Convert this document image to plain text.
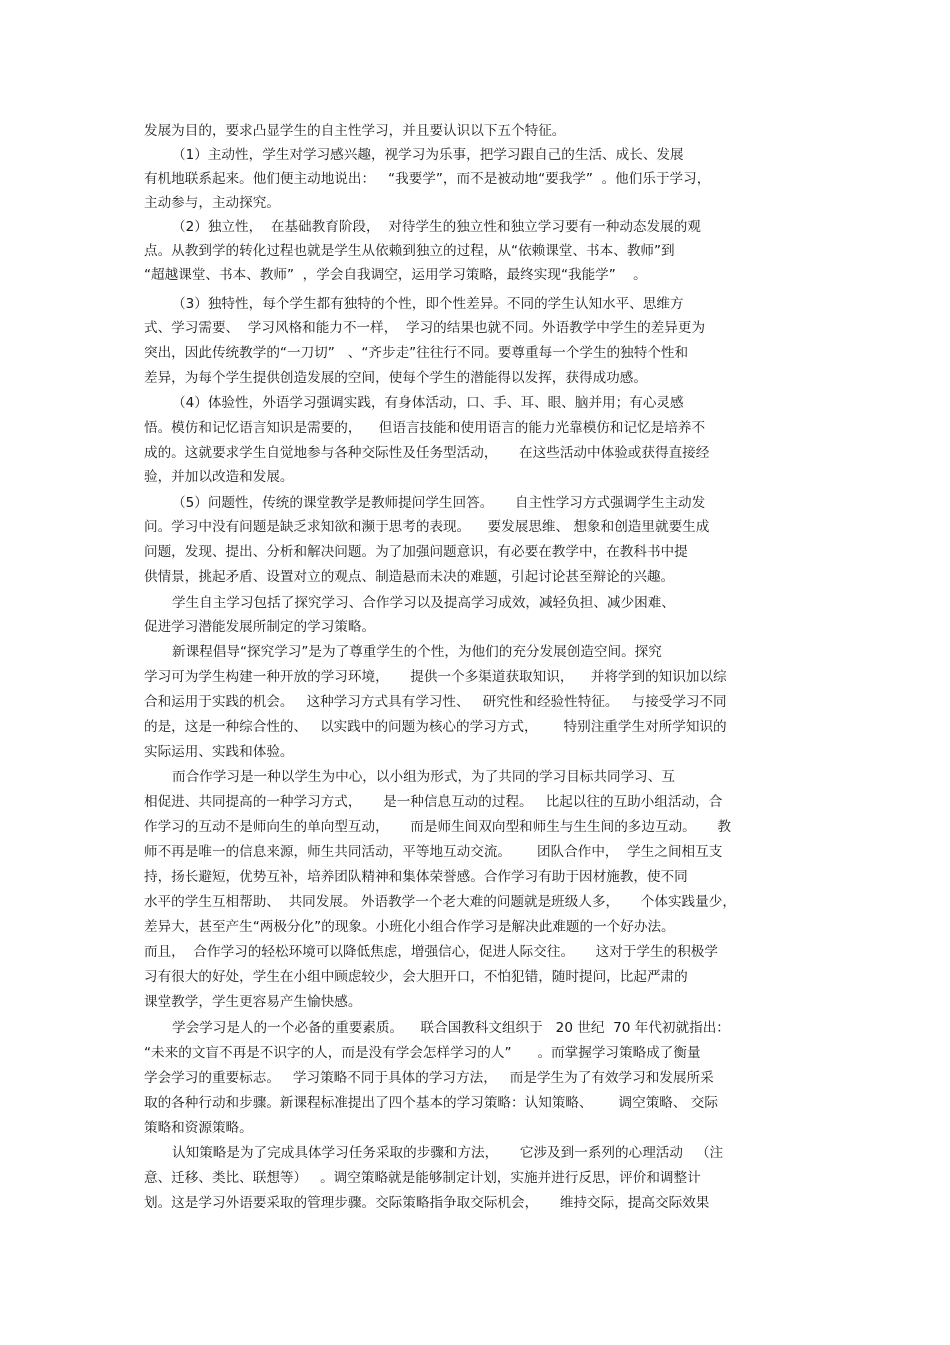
发展为目的，要求凸显学生的自主性学习，并且要认识以下五个特征。
（1）主动性，学生对学习感兴趣，视学习为乐事，把学习跟自己的生活、成长、发展
有机地联系起来。他们便主动地说出：   “我要学”，而不是被动地“要我学”  。他们乐于学习，
主动参与，主动探究。
（2）独立性，  在基础教育阶段，  对待学生的独立性和独立学习要有一种动态发展的观
点。从教到学的转化过程也就是学生从依赖到独立的过程，从“依赖课堂、书本、教师”到
“超越课堂、书本、教师”  ，学会自我调空，运用学习策略，最终实现“我能学”    。
（3）独特性，每个学生都有独特的个性，即个性差异。不同的学生认知水平、思维方
式、学习需要、  学习风格和能力不一样，  学习的结果也就不同。外语教学中学生的差异更为
突出，因此传统教学的“一刀切”   、“齐步走”往往行不同。要尊重每一个学生的独特个性和
差异，为每个学生提供创造发展的空间，使每个学生的潜能得以发挥，获得成功感。
（4）体验性，外语学习强调实践，有身体活动，口、手、耳、眼、脑并用；有心灵感
悟。模仿和记忆语言知识是需要的，    但语言技能和使用语言的能力光靠模仿和记忆是培养不
成的。这就要求学生自觉地参与各种交际性及任务型活动，     在这些活动中体验或获得直接经
验，并加以改造和发展。
（5）问题性，传统的课堂教学是教师提问学生回答。     自主性学习方式强调学生主动发
问。学习中没有问题是缺乏求知欲和濒于思考的表现。    要发展思维、 想象和创造里就要生成
问题，发现、提出、分析和解决问题。为了加强问题意识，有必要在教学中，在教科书中提
供情景，挑起矛盾、设置对立的观点、制造悬而未决的难题，引起讨论甚至辩论的兴趣。
学生自主学习包括了探究学习、合作学习以及提高学习成效，减轻负担、减少困难、
促进学习潜能发展所制定的学习策略。
新课程倡导“探究学习”是为了尊重学生的个性，为他们的充分发展创造空间。探究
学习可为学生构建一种开放的学习环境，     提供一个多渠道获取知识，    并将学到的知识加以综
合和运用于实践的机会。   这种学习方式具有学习性、   研究性和经验性特征。   与接受学习不同
的是，这是一种综合性的、   以实践中的问题为核心的学习方式，      特别注重学生对所学知识的
实际运用、实践和体验。
而合作学习是一种以学生为中心，以小组为形式，为了共同的学习目标共同学习、互
相促进、共同提高的一种学习方式，     是一种信息互动的过程。   比起以往的互助小组活动，合
作学习的互动不是师向生的单向型互动，     而是师生间双向型和师生与生生间的多边互动。     教
师不再是唯一的信息来源，师生共同活动，平等地互动交流。      团队合作中，  学生之间相互支
持，扬长避短，优势互补，培养团队精神和集体荣誉感。合作学习有助于因材施教，使不同
水平的学生互相帮助、  共同发展。 外语教学一个老大难的问题就是班级人多，     个体实践量少，
差异大，甚至产生“两极分化”的现象。小班化小组合作学习是解决此难题的一个好办法。
而且，  合作学习的轻松环境可以降低焦虑，增强信心，促进人际交往。     这对于学生的积极学
习有很大的好处，学生在小组中顾虑较少，会大胆开口，不怕犯错，随时提问，比起严肃的
课堂教学，学生更容易产生愉快感。
学会学习是人的一个必备的重要素质。    联合国教科文组织于   20 世纪  70 年代初就指出：
“未来的文盲不再是不识字的人，而是没有学会怎样学习的人”      。而掌握学习策略成了衡量
学会学习的重要标志。   学习策略不同于具体的学习方法，   而是学生为了有效学习和发展所采
取的各种行动和步骤。新课程标准提出了四个基本的学习策略：认知策略、      调空策略、 交际
策略和资源策略。
认知策略是为了完成具体学习任务采取的步骤和方法，     它涉及到一系列的心理活动   （注
意、迁移、类比、联想等）   。调空策略就是能够制定计划，实施并进行反思，评价和调整计
划。这是学习外语要采取的管理步骤。交际策略指争取交际机会，     维持交际，提高交际效果
